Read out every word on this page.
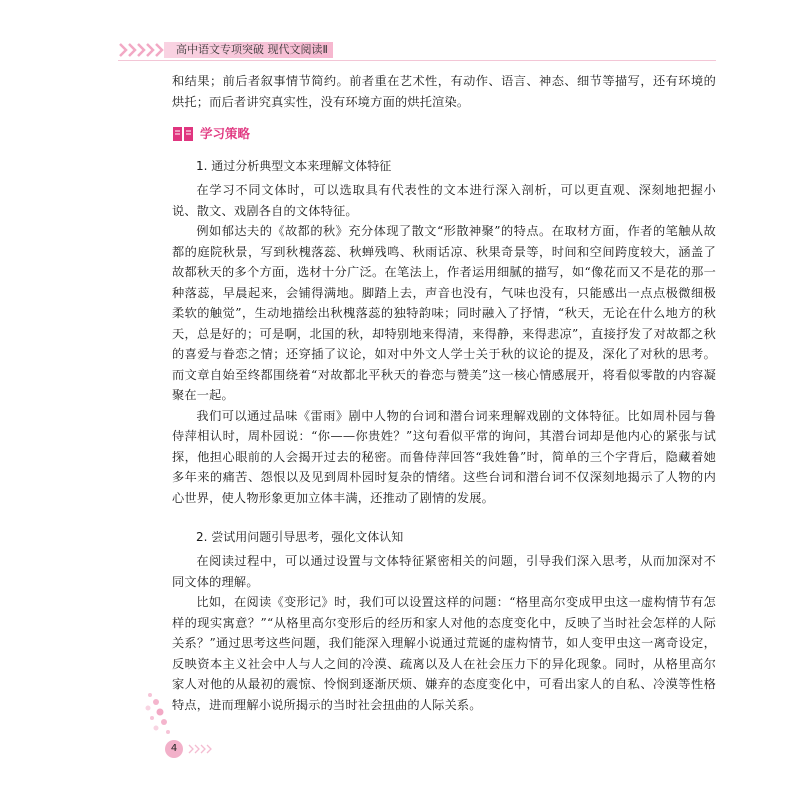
高中语文专项突破 现代文阅读Ⅱ

和结果；前后者叙事情节简约。前者重在艺术性，有动作、语言、神态、细节等描写，还有环境的烘托；而后者讲究真实性，没有环境方面的烘托渲染。

学习策略
1. 通过分析典型文本来理解文体特征

在学习不同文体时，可以选取具有代表性的文本进行深入剖析，可以更直观、深刻地把握小说、散文、戏剧各自的文体特征。

例如郁达夫的《故都的秋》充分体现了散文“形散神聚”的特点。在取材方面，作者的笔触从故都的庭院秋景，写到秋槐落蕊、秋蝉残鸣、秋雨话凉、秋果奇景等，时间和空间跨度较大，涵盖了故都秋天的多个方面，选材十分广泛。在笔法上，作者运用细腻的描写，如“像花而又不是花的那一种落蕊，早晨起来，会铺得满地。脚踏上去，声音也没有，气味也没有，只能感出一点点极微细极柔软的触觉”，生动地描绘出秋槐落蕊的独特韵味；同时融入了抒情，“秋天，无论在什么地方的秋天，总是好的；可是啊，北国的秋，却特别地来得清，来得静，来得悲凉”，直接抒发了对故都之秋的喜爱与眷恋之情；还穿插了议论，如对中外文人学士关于秋的议论的提及，深化了对秋的思考。而文章自始至终都围绕着“对故都北平秋天的眷恋与赞美”这一核心情感展开，将看似零散的内容凝聚在一起。

我们可以通过品味《雷雨》剧中人物的台词和潜台词来理解戏剧的文体特征。比如周朴园与鲁侍萍相认时，周朴园说：“你——你贵姓？”这句看似平常的询问，其潜台词却是他内心的紧张与试探，他担心眼前的人会揭开过去的秘密。而鲁侍萍回答“我姓鲁”时，简单的三个字背后，隐藏着她多年来的痛苦、怨恨以及见到周朴园时复杂的情绪。这些台词和潜台词不仅深刻地揭示了人物的内心世界，使人物形象更加立体丰满，还推动了剧情的发展。

2. 尝试用问题引导思考，强化文体认知

在阅读过程中，可以通过设置与文体特征紧密相关的问题，引导我们深入思考，从而加深对不同文体的理解。

比如，在阅读《变形记》时，我们可以设置这样的问题：“格里高尔变成甲虫这一虚构情节有怎样的现实寓意？”“从格里高尔变形后的经历和家人对他的态度变化中，反映了当时社会怎样的人际关系？”通过思考这些问题，我们能深入理解小说通过荒诞的虚构情节，如人变甲虫这一离奇设定，反映资本主义社会中人与人之间的冷漠、疏离以及人在社会压力下的异化现象。同时，从格里高尔家人对他的从最初的震惊、怜悯到逐渐厌烦、嫌弃的态度变化中，可看出家人的自私、冷漠等性格特点，进而理解小说所揭示的当时社会扭曲的人际关系。

4
